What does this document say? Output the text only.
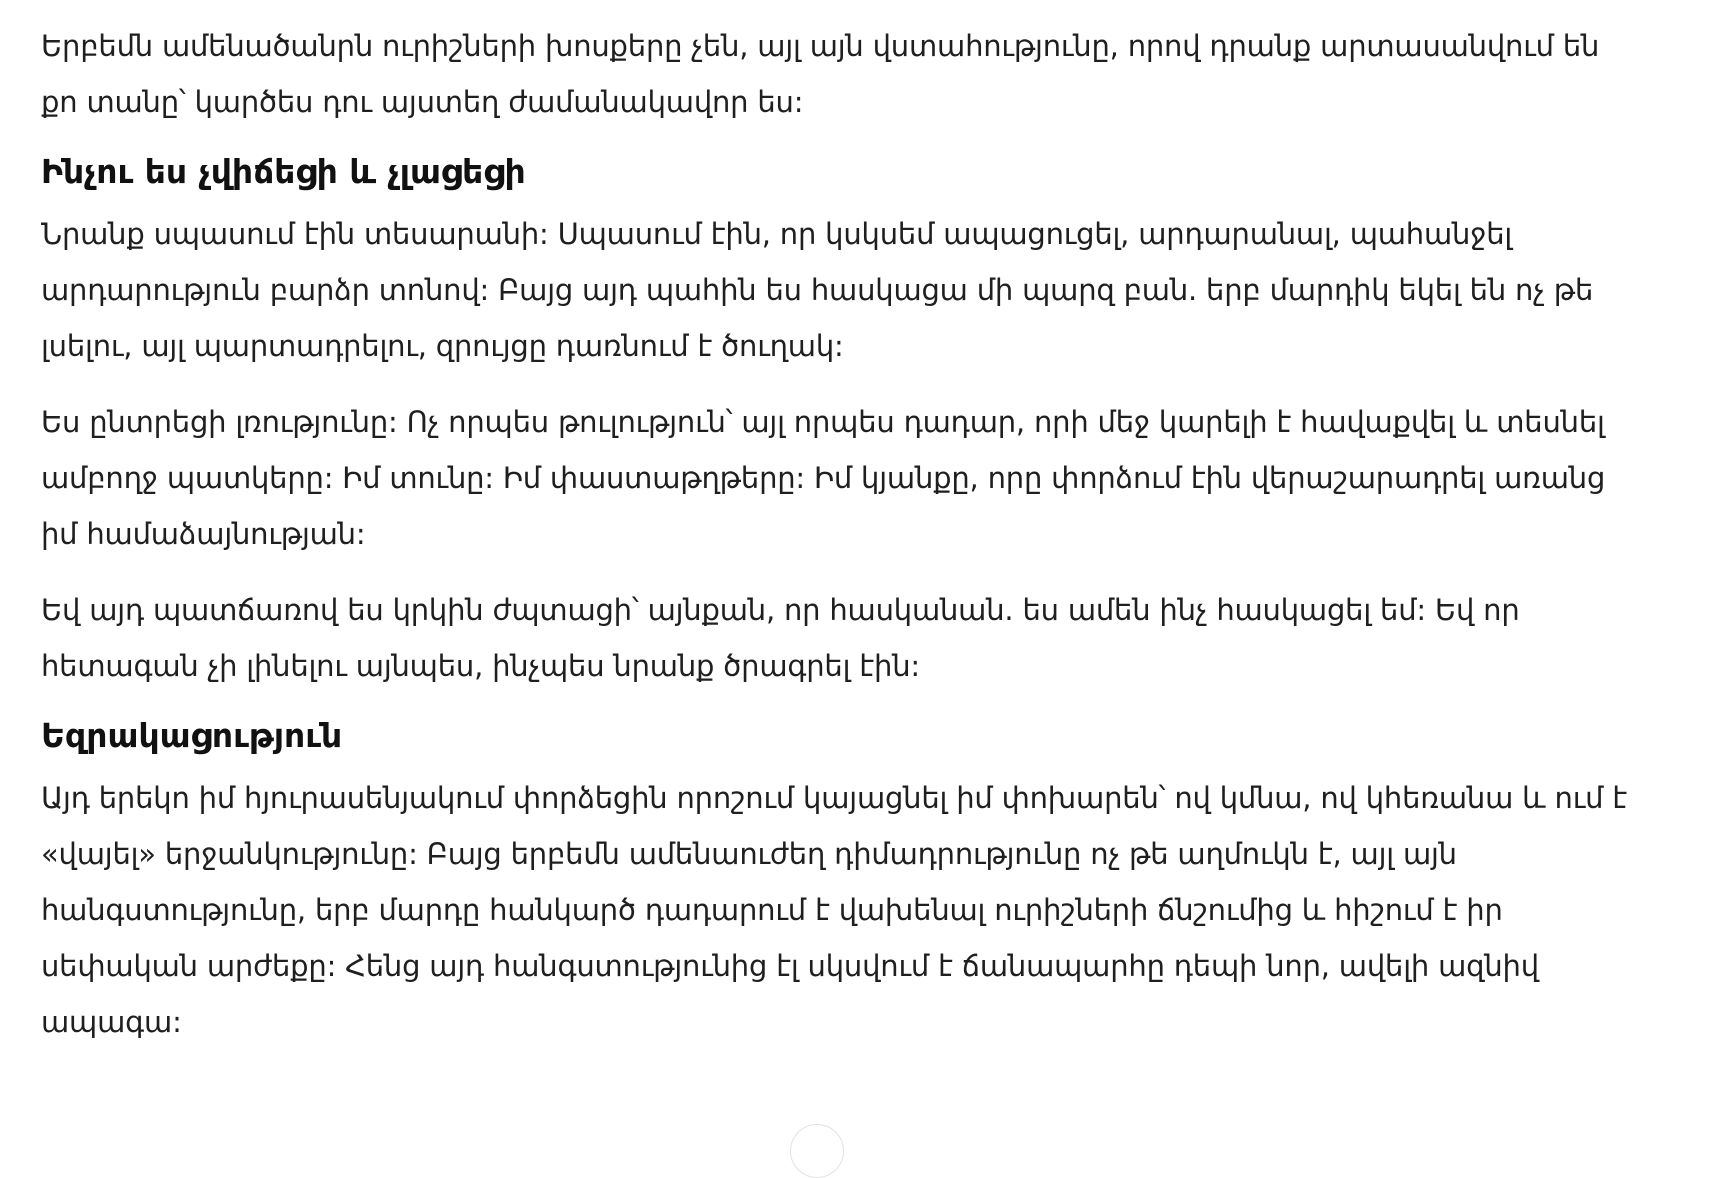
Երբեմն ամենածանրն ուրիշների խոսքերը չեն, այլ այն վստահությունը, որով դրանք արտասանվում են քո տանը՝ կարծես դու այստեղ ժամանակավոր ես:

Ինչու ես չվիճեցի և չլացեցի

Նրանք սպասում էին տեսարանի: Սպասում էին, որ կսկսեմ ապացուցել, արդարանալ, պահանջել արդարություն բարձր տոնով: Բայց այդ պահին ես հասկացա մի պարզ բան. երբ մարդիկ եկել են ոչ թե լսելու, այլ պարտադրելու, զրույցը դառնում է ծուղակ:

Ես ընտրեցի լռությունը: Ոչ որպես թուլություն՝ այլ որպես դադար, որի մեջ կարելի է հավաքվել և տեսնել ամբողջ պատկերը: Իմ տունը: Իմ փաստաթղթերը: Իմ կյանքը, որը փորձում էին վերաշարադրել առանց իմ համաձայնության:

Եվ այդ պատճառով ես կրկին ժպտացի՝ այնքան, որ հասկանան. ես ամեն ինչ հասկացել եմ: Եվ որ հետագան չի լինելու այնպես, ինչպես նրանք ծրագրել էին:

Եզրակացություն

Այդ երեկո իմ հյուրասենյակում փորձեցին որոշում կայացնել իմ փոխարեն՝ ով կմնա, ով կհեռանա և ում է «վայել» երջանկությունը: Բայց երբեմն ամենաուժեղ դիմադրությունը ոչ թե աղմուկն է, այլ այն հանգստությունը, երբ մարդը հանկարծ դադարում է վախենալ ուրիշների ճնշումից և հիշում է իր սեփական արժեքը: Հենց այդ հանգստությունից էլ սկսվում է ճանապարհը դեպի նոր, ավելի ազնիվ ապագա:
